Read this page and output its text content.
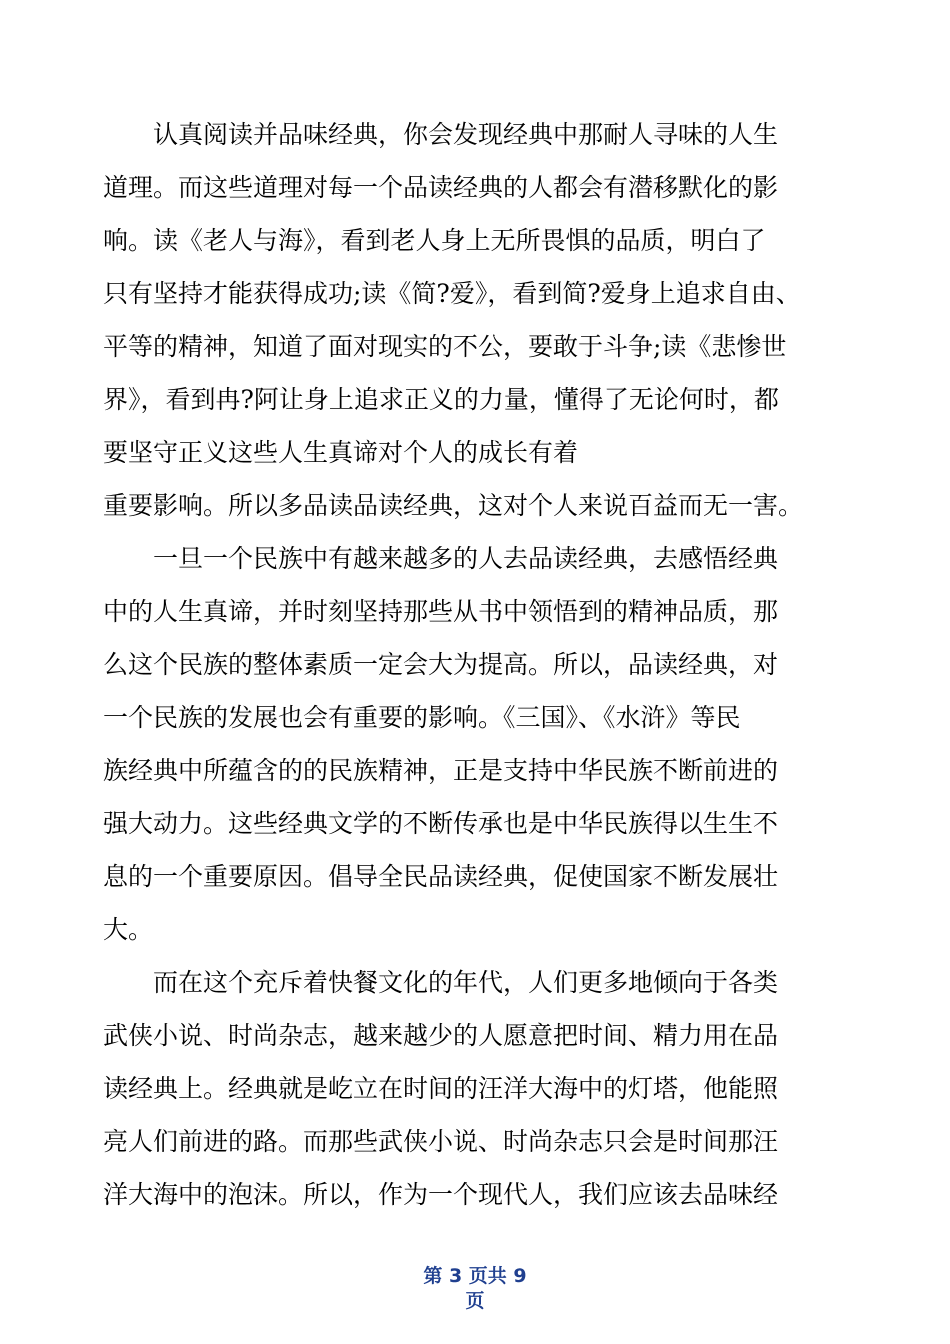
　　认真阅读并品味经典，你会发现经典中那耐人寻味的人生
道理。而这些道理对每一个品读经典的人都会有潜移默化的影
响。读《老人与海》，看到老人身上无所畏惧的品质，明白了
只有坚持才能获得成功;读《简?爱》，看到简?爱身上追求自由、
平等的精神，知道了面对现实的不公，要敢于斗争;读《悲惨世
界》，看到冉?阿让身上追求正义的力量，懂得了无论何时，都
要坚守正义这些人生真谛对个人的成长有着
重要影响。所以多品读品读经典，这对个人来说百益而无一害。
　　一旦一个民族中有越来越多的人去品读经典，去感悟经典
中的人生真谛，并时刻坚持那些从书中领悟到的精神品质，那
么这个民族的整体素质一定会大为提高。所以，品读经典，对
一个民族的发展也会有重要的影响。《三国》、《水浒》等民
族经典中所蕴含的的民族精神，正是支持中华民族不断前进的
强大动力。这些经典文学的不断传承也是中华民族得以生生不
息的一个重要原因。倡导全民品读经典，促使国家不断发展壮
大。
　　而在这个充斥着快餐文化的年代，人们更多地倾向于各类
武侠小说、时尚杂志，越来越少的人愿意把时间、精力用在品
读经典上。经典就是屹立在时间的汪洋大海中的灯塔，他能照
亮人们前进的路。而那些武侠小说、时尚杂志只会是时间那汪
洋大海中的泡沫。所以，作为一个现代人，我们应该去品味经
第 3 页共 9
页
